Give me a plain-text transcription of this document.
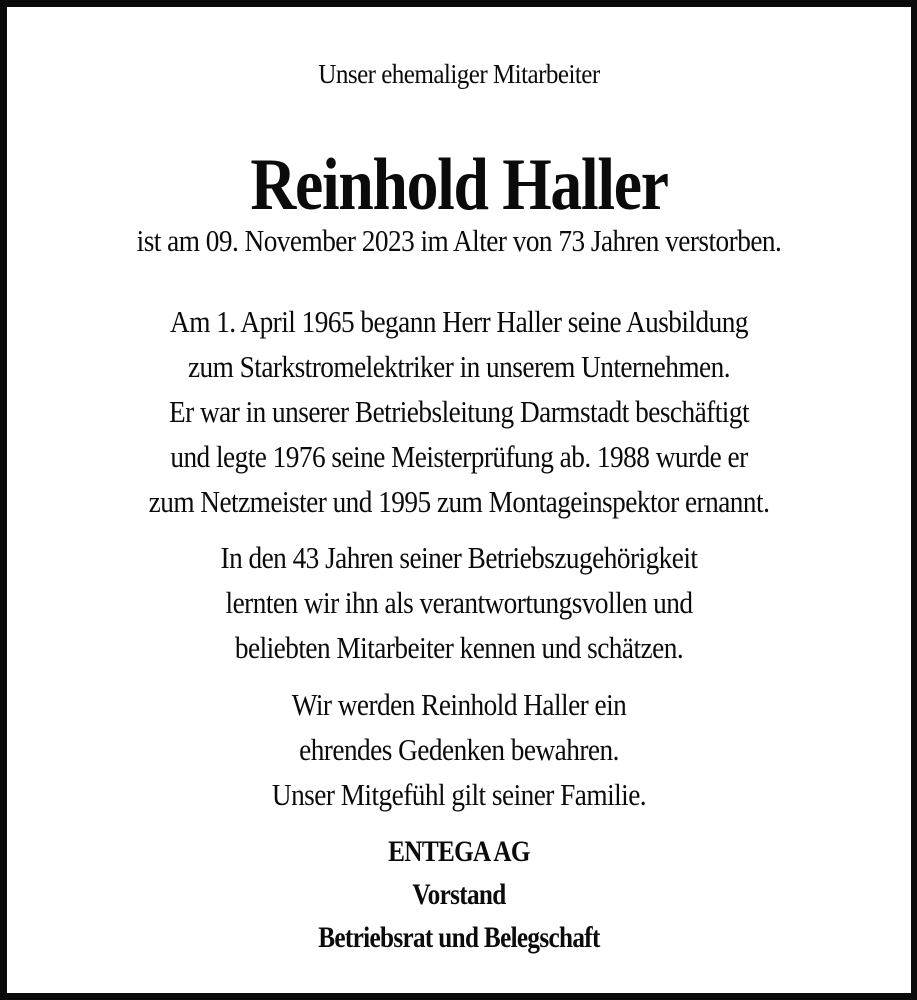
Unser ehemaliger Mitarbeiter
Reinhold Haller
ist am 09. November 2023 im Alter von 73 Jahren verstorben.
Am 1. April 1965 begann Herr Haller seine Ausbildung
zum Starkstromelektriker in unserem Unternehmen.
Er war in unserer Betriebsleitung Darmstadt beschäftigt
und legte 1976 seine Meisterprüfung ab. 1988 wurde er
zum Netzmeister und 1995 zum Montageinspektor ernannt.
In den 43 Jahren seiner Betriebszugehörigkeit
lernten wir ihn als verantwortungsvollen und
beliebten Mitarbeiter kennen und schätzen.
Wir werden Reinhold Haller ein
ehrendes Gedenken bewahren.
Unser Mitgefühl gilt seiner Familie.
ENTEGA AG
Vorstand
Betriebsrat und Belegschaft
